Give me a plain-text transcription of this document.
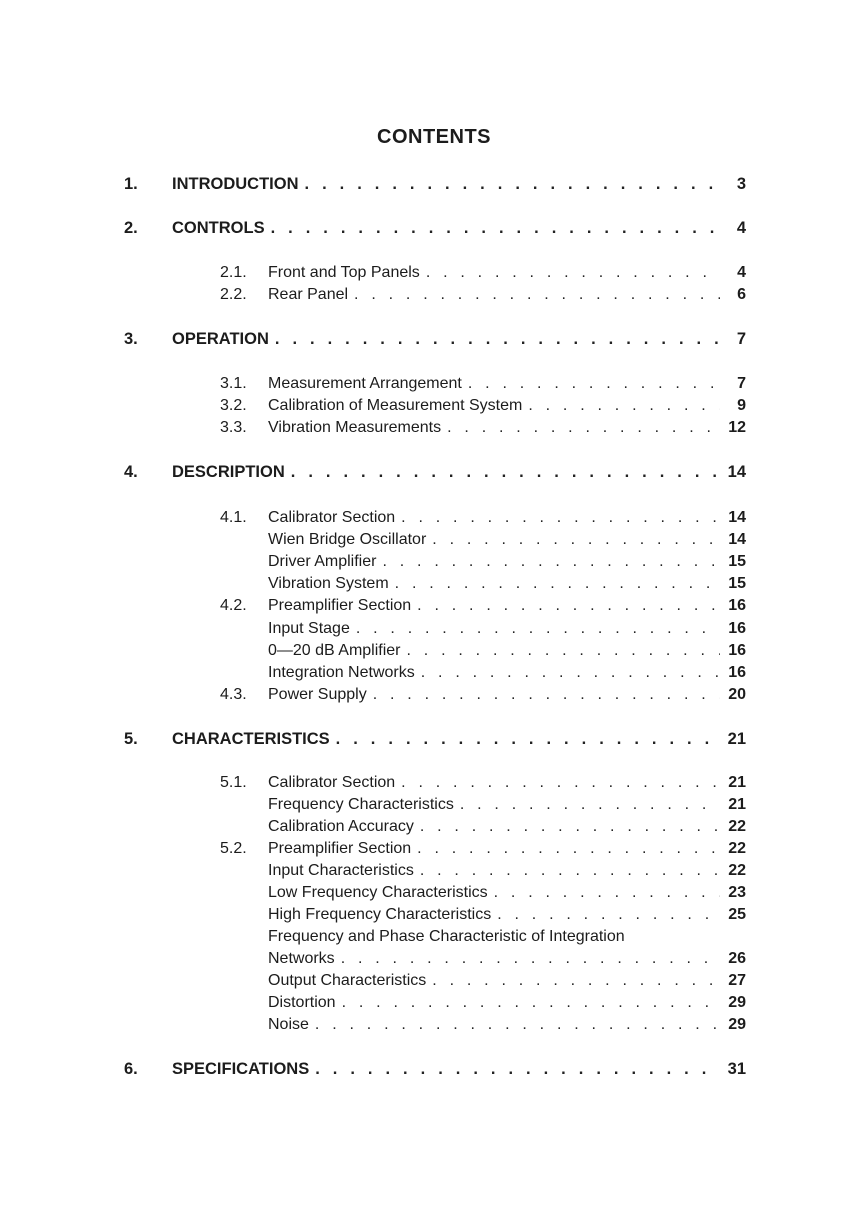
CONTENTS
1.	INTRODUCTION . . .	3
2.	CONTROLS . . .	4
2.1.	Front and Top Panels . . .	4
2.2.	Rear Panel . . .	6
3.	OPERATION . . .	7
3.1.	Measurement Arrangement . . .	7
3.2.	Calibration of Measurement System . . .	9
3.3.	Vibration Measurements . . .	12
4.	DESCRIPTION . . .	14
4.1.	Calibrator Section . . .	14
Wien Bridge Oscillator . . .	14
Driver Amplifier . . .	15
Vibration System . . .	15
4.2.	Preamplifier Section . . .	16
Input Stage . . .	16
0—20 dB Amplifier . . .	16
Integration Networks . . .	16
4.3.	Power Supply . . .	20
5.	CHARACTERISTICS . . .	21
5.1.	Calibrator Section . . .	21
Frequency Characteristics . . .	21
Calibration Accuracy . . .	22
5.2.	Preamplifier Section . . .	22
Input Characteristics . . .	22
Low Frequency Characteristics . . .	23
High Frequency Characteristics . . .	25
Frequency and Phase Characteristic of Integration
Networks . . .	26
Output Characteristics . . .	27
Distortion . . .	29
Noise . . .	29
6.	SPECIFICATIONS . . .	31
